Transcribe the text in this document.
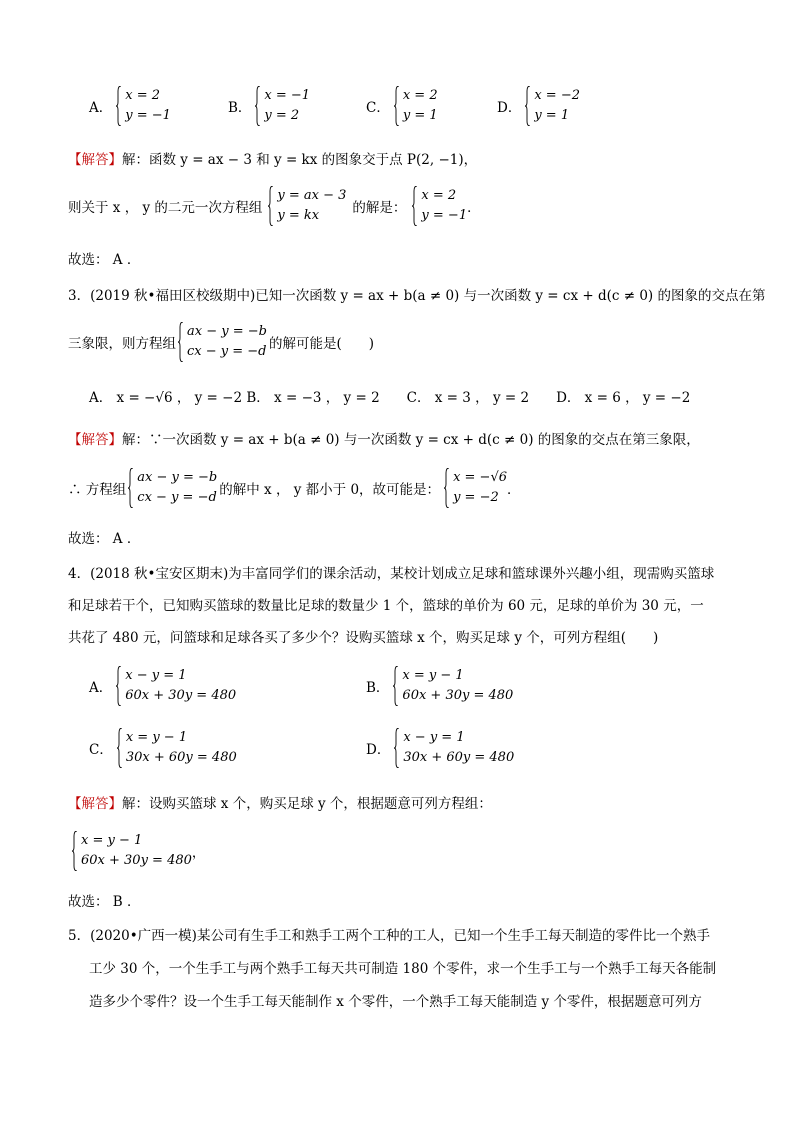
A．
x = 2
y = −1	B．
x = −1
y = 2	C．
x = 2
y = 1	D．
x = −2
y = 1
【解答】解：函数 y = ax − 3 和 y = kx 的图象交于点 P(2, −1)，
则关于 x ， y 的二元一次方程组
y = ax − 3
y = kx	的解是：
x = 2
y = −1 ．
故选： A ．
3．(2019 秋•福田区校级期中)已知一次函数 y = ax + b(a ≠ 0) 与一次函数 y = cx + d(c ≠ 0) 的图象的交点在第
三象限，则方程组
ax − y = −b
cx − y = −d 的解可能是(　　)
A． x = −√6 ， y = −2 B． x = −3 ， y = 2　　C． x = 3 ， y = 2　　D． x = 6 ， y = −2
【解答】解：∵一次函数 y = ax + b(a ≠ 0) 与一次函数 y = cx + d(c ≠ 0) 的图象的交点在第三象限，
∴ 方程组
ax − y = −b
cx − y = −d 的解中 x ， y 都小于 0，故可能是：
x = −√6
y = −2 ．
故选： A ．
4．(2018 秋•宝安区期末)为丰富同学们的课余活动，某校计划成立足球和篮球课外兴趣小组，现需购买篮球
和足球若干个，已知购买篮球的数量比足球的数量少 1 个，篮球的单价为 60 元，足球的单价为 30 元，一
共花了 480 元，问篮球和足球各买了多少个？设购买篮球 x 个，购买足球 y 个，可列方程组(　　)
A．
x − y = 1
60x + 30y = 480	B．
x = y − 1
60x + 30y = 480
C．
x = y − 1
30x + 60y = 480	D．
x − y = 1
30x + 60y = 480
【解答】解：设购买篮球 x 个，购买足球 y 个，根据题意可列方程组：
x = y − 1
60x + 30y = 480 ，
故选： B ．
5．(2020•广西一模)某公司有生手工和熟手工两个工种的工人，已知一个生手工每天制造的零件比一个熟手
工少 30 个，一个生手工与两个熟手工每天共可制造 180 个零件，求一个生手工与一个熟手工每天各能制
造多少个零件？设一个生手工每天能制作 x 个零件，一个熟手工每天能制造 y 个零件，根据题意可列方
